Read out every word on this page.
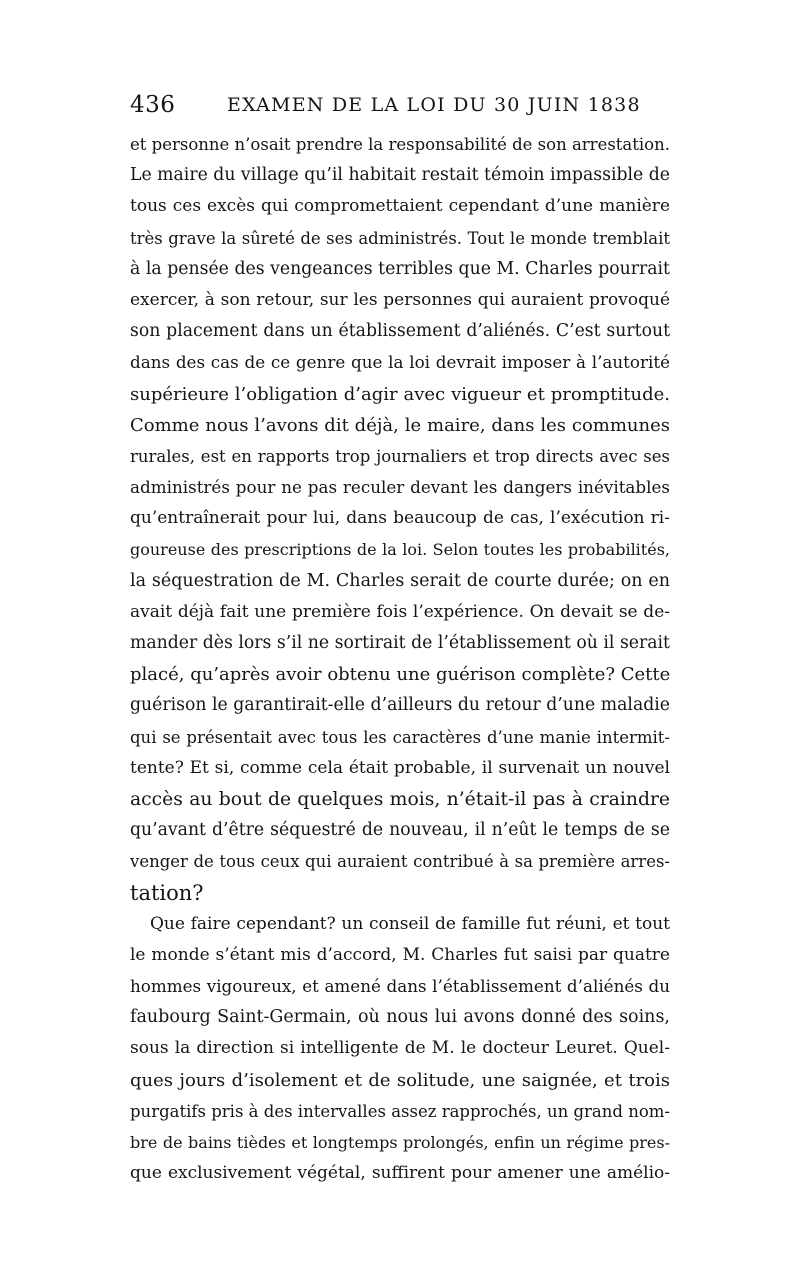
436	EXAMEN DE LA LOI DU 30 JUIN 1838
et personne n’osait prendre la responsabilité de son arrestation.
Le maire du village qu’il habitait restait témoin impassible de
tous ces excès qui compromettaient cependant d’une manière
très grave la sûreté de ses administrés. Tout le monde tremblait
à la pensée des vengeances terribles que M. Charles pourrait
exercer, à son retour, sur les personnes qui auraient provoqué
son placement dans un établissement d’aliénés. C’est surtout
dans des cas de ce genre que la loi devrait imposer à l’autorité
supérieure l’obligation d’agir avec vigueur et promptitude.
Comme nous l’avons dit déjà, le maire, dans les communes
rurales, est en rapports trop journaliers et trop directs avec ses
administrés pour ne pas reculer devant les dangers inévitables
qu’entraînerait pour lui, dans beaucoup de cas, l’exécution ri-
goureuse des prescriptions de la loi. Selon toutes les probabilités,
la séquestration de M. Charles serait de courte durée; on en
avait déjà fait une première fois l’expérience. On devait se de-
mander dès lors s’il ne sortirait de l’établissement où il serait
placé, qu’après avoir obtenu une guérison complète? Cette
guérison le garantirait-elle d’ailleurs du retour d’une maladie
qui se présentait avec tous les caractères d’une manie intermit-
tente? Et si, comme cela était probable, il survenait un nouvel
accès au bout de quelques mois, n’était-il pas à craindre
qu’avant d’être séquestré de nouveau, il n’eût le temps de se
venger de tous ceux qui auraient contribué à sa première arres-
tation?
Que faire cependant? un conseil de famille fut réuni, et tout
le monde s’étant mis d’accord, M. Charles fut saisi par quatre
hommes vigoureux, et amené dans l’établissement d’aliénés du
faubourg Saint-Germain, où nous lui avons donné des soins,
sous la direction si intelligente de M. le docteur Leuret. Quel-
ques jours d’isolement et de solitude, une saignée, et trois
purgatifs pris à des intervalles assez rapprochés, un grand nom-
bre de bains tièdes et longtemps prolongés, enfin un régime pres-
que exclusivement végétal, suffirent pour amener une amélio-
